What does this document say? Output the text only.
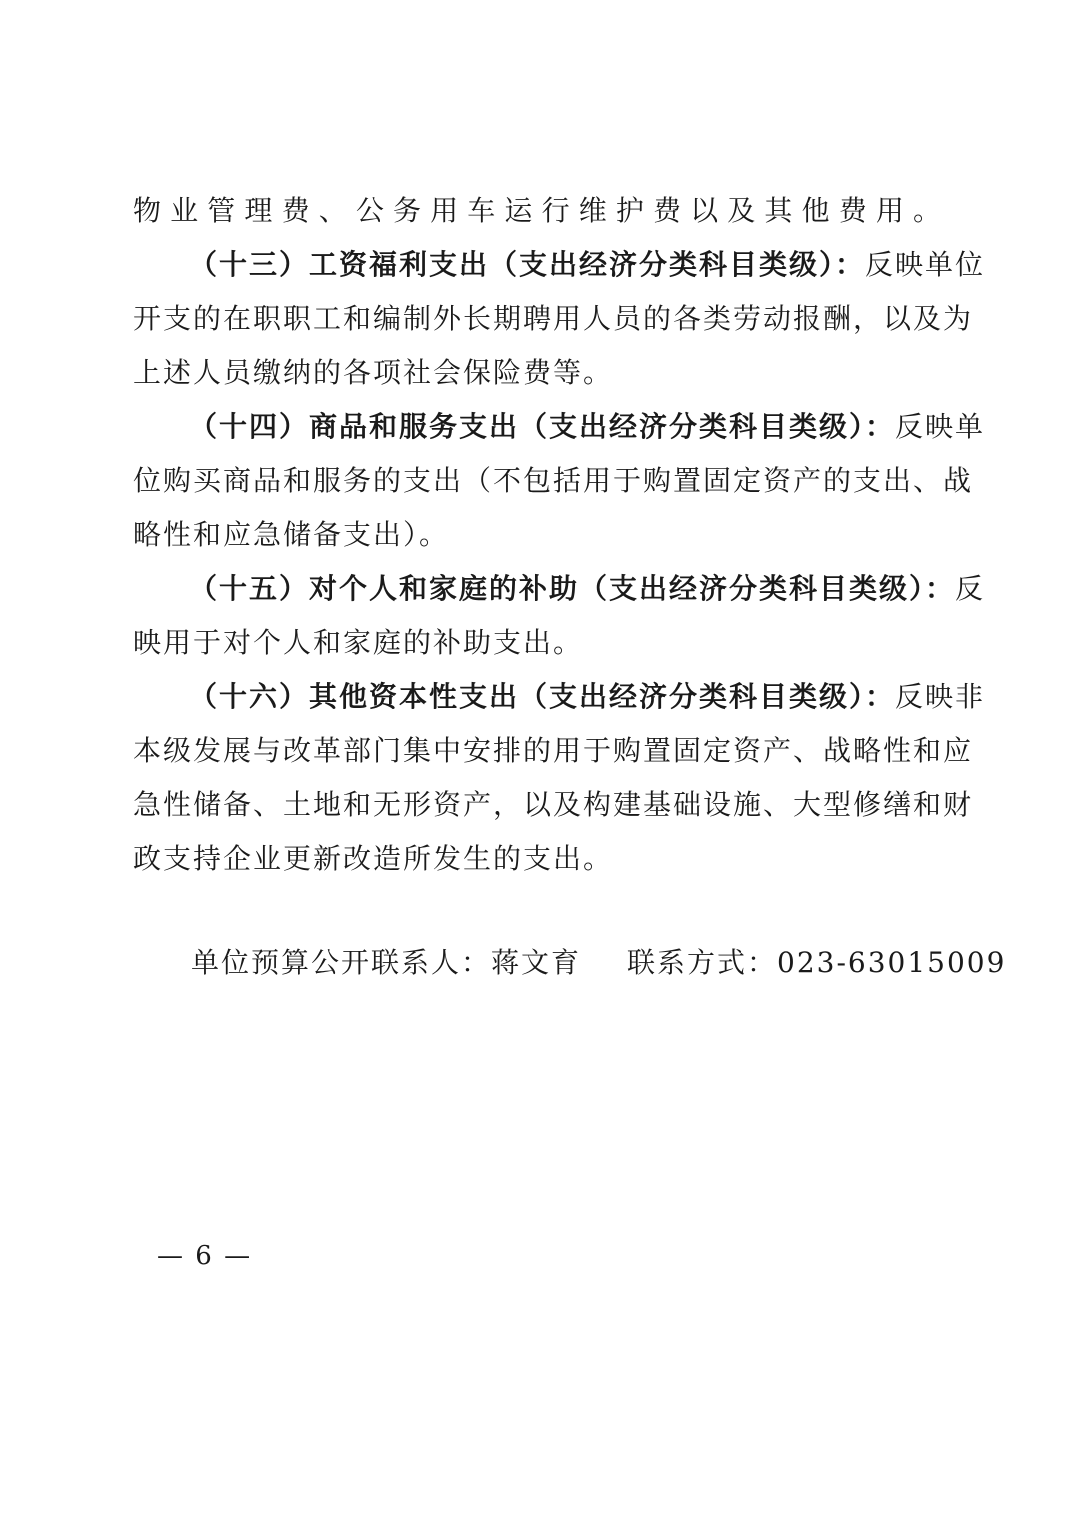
物业管理费、公务用车运行维护费以及其他费用。
（十三）工资福利支出（支出经济分类科目类级）：反映单位
开支的在职职工和编制外长期聘用人员的各类劳动报酬，以及为
上述人员缴纳的各项社会保险费等。
（十四）商品和服务支出（支出经济分类科目类级）：反映单
位购买商品和服务的支出（不包括用于购置固定资产的支出、战
略性和应急储备支出）。
（十五）对个人和家庭的补助（支出经济分类科目类级）：反
映用于对个人和家庭的补助支出。
（十六）其他资本性支出（支出经济分类科目类级）：反映非
本级发展与改革部门集中安排的用于购置固定资产、战略性和应
急性储备、土地和无形资产，以及构建基础设施、大型修缮和财
政支持企业更新改造所发生的支出。
单位预算公开联系人：蒋文育 联系方式：023-63015009
— 6 —
